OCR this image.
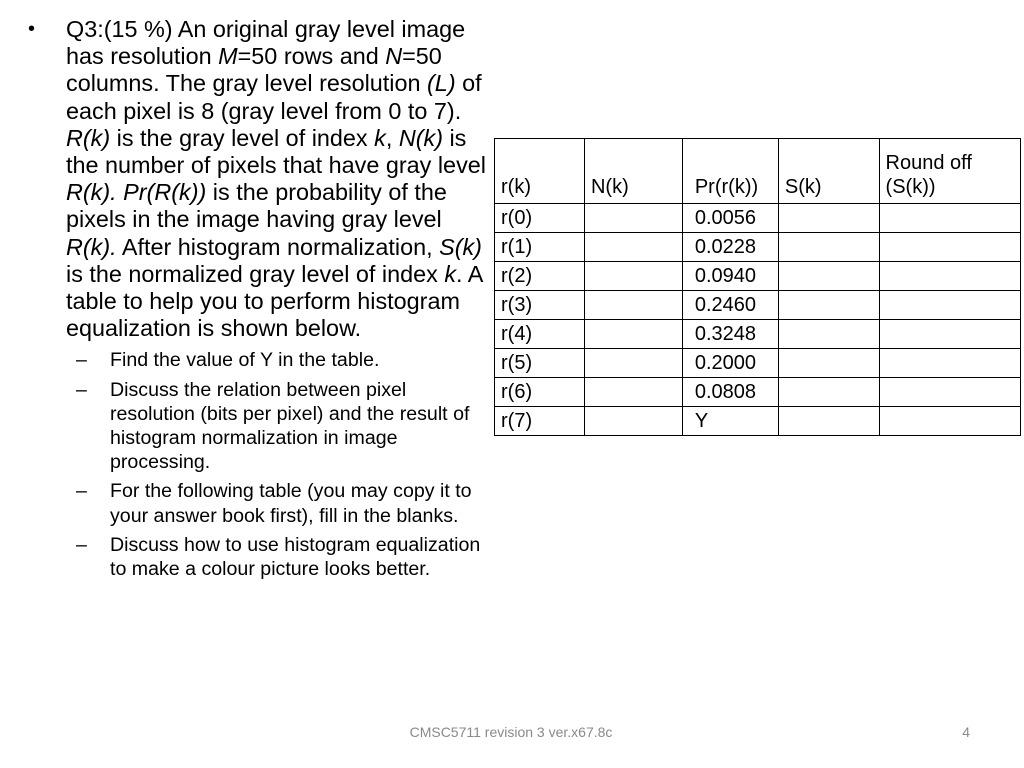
• Q3:(15 %) An original gray level image has resolution M=50 rows and N=50 columns. The gray level resolution (L) of each pixel is 8 (gray level from 0 to 7). R(k) is the gray level of index k, N(k) is the number of pixels that have gray level R(k). Pr(R(k)) is the probability of the pixels in the image having gray level R(k). After histogram normalization, S(k) is the normalized gray level of index k. A table to help you to perform histogram equalization is shown below.
– Find the value of Y in the table.
– Discuss the relation between pixel resolution (bits per pixel) and the result of histogram normalization in image processing.
– For the following table (you may copy it to your answer book first), fill in the blanks.
– Discuss how to use histogram equalization to make a colour picture looks better.
r(k)	N(k)	Pr(r(k))	S(k)	Round off (S(k))
r(0)		0.0056		
r(1)		0.0228		
r(2)		0.0940		
r(3)		0.2460		
r(4)		0.3248		
r(5)		0.2000		
r(6)		0.0808		
r(7)		Y		
CMSC5711 revision 3 ver.x67.8c	4
